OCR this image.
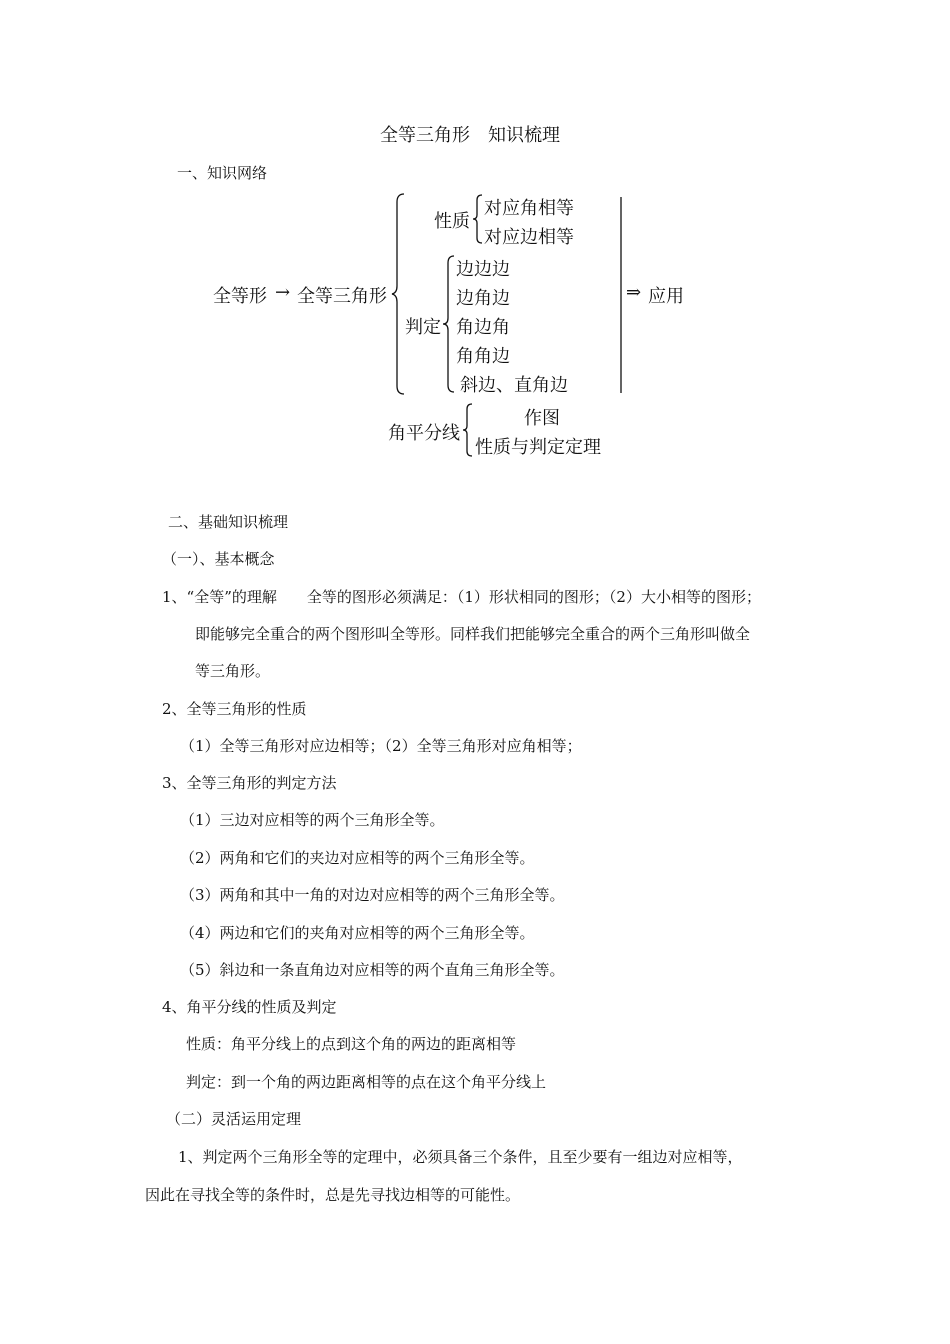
全等三角形　知识梳理
一、知识网络
全等形 → 全等三角形
性质
对应角相等
对应边相等
判定
边边边
边角边
角边角
角角边
斜边、直角边
⇒ 应用
角平分线
作图
性质与判定定理
二、基础知识梳理
（一）、基本概念
1、“全等”的理解　　全等的图形必须满足：（1）形状相同的图形；（2）大小相等的图形；
即能够完全重合的两个图形叫全等形。同样我们把能够完全重合的两个三角形叫做全
等三角形。
2、全等三角形的性质
（1）全等三角形对应边相等；（2）全等三角形对应角相等；
3、全等三角形的判定方法
（1）三边对应相等的两个三角形全等。
（2）两角和它们的夹边对应相等的两个三角形全等。
（3）两角和其中一角的对边对应相等的两个三角形全等。
（4）两边和它们的夹角对应相等的两个三角形全等。
（5）斜边和一条直角边对应相等的两个直角三角形全等。
4、角平分线的性质及判定
性质：角平分线上的点到这个角的两边的距离相等
判定：到一个角的两边距离相等的点在这个角平分线上
（二）灵活运用定理
1、判定两个三角形全等的定理中，必须具备三个条件，且至少要有一组边对应相等，
因此在寻找全等的条件时，总是先寻找边相等的可能性。
